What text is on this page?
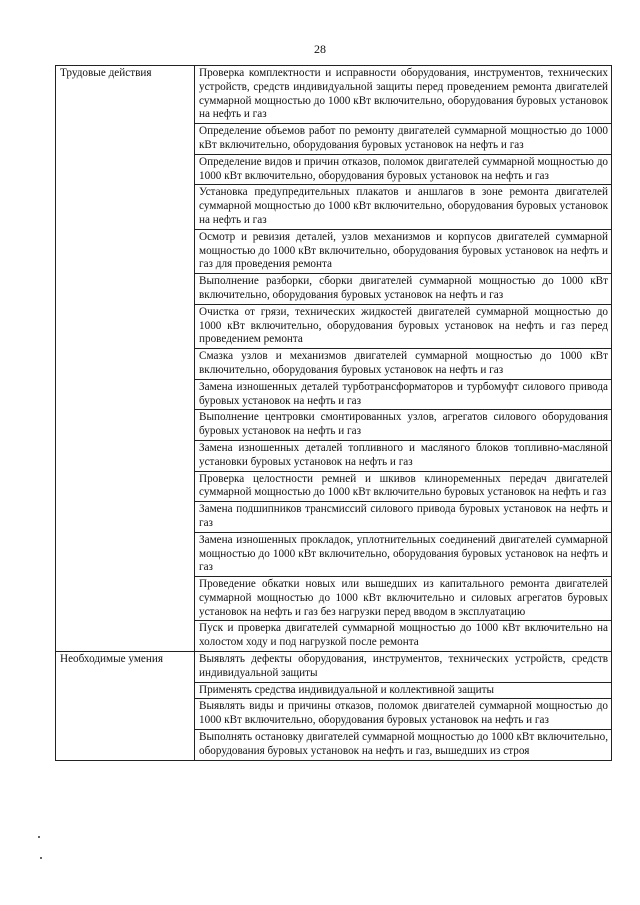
28
Трудовые действия	Проверка комплектности и исправности оборудования, инструментов, технических устройств, средств индивидуальной защиты перед проведением ремонта двигателей суммарной мощностью до 1000 кВт включительно, оборудования буровых установок на нефть и газ
	Определение объемов работ по ремонту двигателей суммарной мощностью до 1000 кВт включительно, оборудования буровых установок на нефть и газ
	Определение видов и причин отказов, поломок двигателей суммарной мощностью до 1000 кВт включительно, оборудования буровых установок на нефть и газ
	Установка предупредительных плакатов и аншлагов в зоне ремонта двигателей суммарной мощностью до 1000 кВт включительно, оборудования буровых установок на нефть и газ
	Осмотр и ревизия деталей, узлов механизмов и корпусов двигателей суммарной мощностью до 1000 кВт включительно, оборудования буровых установок на нефть и газ для проведения ремонта
	Выполнение разборки, сборки двигателей суммарной мощностью до 1000 кВт включительно, оборудования буровых установок на нефть и газ
	Очистка от грязи, технических жидкостей двигателей суммарной мощностью до 1000 кВт включительно, оборудования буровых установок на нефть и газ перед проведением ремонта
	Смазка узлов и механизмов двигателей суммарной мощностью до 1000 кВт включительно, оборудования буровых установок на нефть и газ
	Замена изношенных деталей турботрансформаторов и турбомуфт силового привода буровых установок на нефть и газ
	Выполнение центровки смонтированных узлов, агрегатов силового оборудования буровых установок на нефть и газ
	Замена изношенных деталей топливного и масляного блоков топливно-масляной установки буровых установок на нефть и газ
	Проверка целостности ремней и шкивов клиноременных передач двигателей суммарной мощностью до 1000 кВт включительно буровых установок на нефть и газ
	Замена подшипников трансмиссий силового привода буровых установок на нефть и газ
	Замена изношенных прокладок, уплотнительных соединений двигателей суммарной мощностью до 1000 кВт включительно, оборудования буровых установок на нефть и газ
	Проведение обкатки новых или вышедших из капитального ремонта двигателей суммарной мощностью до 1000 кВт включительно и силовых агрегатов буровых установок на нефть и газ без нагрузки перед вводом в эксплуатацию
	Пуск и проверка двигателей суммарной мощностью до 1000 кВт включительно на холостом ходу и под нагрузкой после ремонта
Необходимые умения	Выявлять дефекты оборудования, инструментов, технических устройств, средств индивидуальной защиты
	Применять средства индивидуальной и коллективной защиты
	Выявлять виды и причины отказов, поломок двигателей суммарной мощностью до 1000 кВт включительно, оборудования буровых установок на нефть и газ
	Выполнять остановку двигателей суммарной мощностью до 1000 кВт включительно, оборудования буровых установок на нефть и газ, вышедших из строя
